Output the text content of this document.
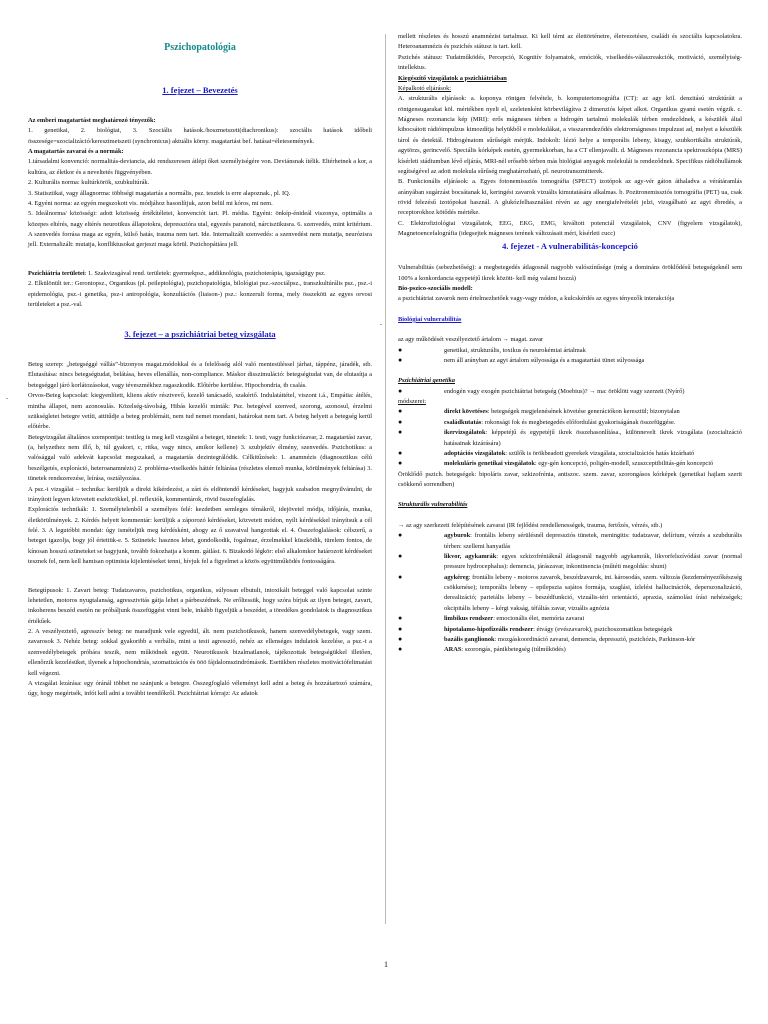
.
.

Pszichopatológia

1. fejezet – Bevezetés

Az emberi magatartást meghatározó tényezők:

1. genetikai, 2. biológiai, 3. Szociális hatások./hoszmetszeti(diachronikus): szociális hatások időbeli összesége=szocializáció/keresztmetszeti (synchronicus) aktuális körny. magatartást bef. hatásai=életesemények.

A magatartás zavarai és a normák:

1.társadalmi konvenció: normalitás-deviancia, aki rendszeresen átlépi őket személyiségére von. Deviánsnak ítélik. Eltérhetnek a kor, a kultúra, az életkor és a neveltetés függvényében.

2. Kulturális norma: kultúrkörök, szubkultúrák.

3. Statisztikai, vagy állagnorma: többségi magatartás a normális, psz. tesztek is erre alapoznak., pl. IQ.

4. Egyéni norma: az egyén megszokott vis. módjához hasonlítjuk, azon belül mi kóros, mi nem.

5. Ideálnorma/ közösségi: adott közösség értékítéletei, konvenciót tart. Pl. média. Egyéni: önkép-énideál viszonya, optimális a közepes eltérés, nagy eltérés neurotikus állapotokra, depresszióra utal, egyezés paranoid, nárcisztikusra. 6. szenvedés, mint kritérium. A szenvedés forrása maga az egyén, külső hatás, trauma nem tart. Ide. Internalizált szenvedés: a szenvedést nem mutatja, neurózisra jell. Externalizált: mutatja, konfliktusokat gerjeszt maga körül. Pszichopátiára jell.

Pszichiátria területei: 1. Szakvizsgával rend. területek: gyermekpsz., addiknológia, pszichoterápia, igazságügy psz.

2. Elkülönült ter.: Gerontopsz., Organikus (pl. peileptológia), pszichopatológia, bilológiai psz.-szociálpsz., transzkultúrális psz., psz.-i epidemológia, psz.-i genetika, psz-i antropológia, konzultációs (liaison-) psz.: konzerult forma, mely összeköti az egyes orvosi területeket a psz.-val.

3. fejezet – a pszichiátriai beteg vizsgálata

Beteg szerep: „betegséggé vállás”-bizonyos magat.módokkal és a felelősség alól való mentesüléssel járhat, táppénz, járadék, stb. Elutasítása: nincs betegségtudat, belátása, heves ellenállás, non-compliance. Máskor disszimuláció: betegségtudat van, de elutasítja a betegséggel járó korlátozásokat, vagy téveszmékhez ragaszkodik. Előtérbe kerülése. Hipochondria, tb csalás.

Orvos-Beteg kapcsolat: kiegyenlített, kliens aktív résztvevő, kezelő tanácsadó, szakértő. Indulatáttétel, viszont i.á., Empátia: átélés, mintha állapot, nem azonosulás. Közelség-távolság, Hibás kezelői minták: Psz. betegével szenved, szorong, azonosul, érzelmi szükségletet betegre vetíti, attitűdje a beteg problémáit, nem tud nemet mondani, határokat nem tart. A beteg helyett a betegség kerül előtérbe.

Betegvizsgálat általános szempontjai: testileg is meg kell vizsgálni a beteget, tünetek: 1. testi, vagy funkciózavar, 2. magatartási zavar, (a, helyzethez nem illő, b, túl gyakori, c, ritka, vagy nincs, amikor kellene) 3. szubjektív élmény, szenvedés. Pszichotikus: a valósággal való adekvát kapcsolat megszakad, a magatartás dezintegrálódik. Célkitűzések: 1. anamnézis (diagnosztikus célú beszélgetés, exploráció, heteroanamnézis) 2. probléma-viselkedés háttér feltárása (részletes elemző munka, körülmények feltárása) 3. tünetek rendszerezése, leírása, osztályozása.

A psz.-i vizsgálat – technika: kerüljük a direkt kikérdezést, a zárt és eldöntendő kérdéseket, hagyjuk szabadon megnyilvánulni, de irányított legyen közvetett eszközökkel, pl. reflexiók, kommentárok, rövid összefoglalás.

Explorációs technikák: 1. Személytelenből a személyes felé: kezdetben semleges témákról, idejövetel módja, időjárás, munka, életkörülmények. 2. Kérdés helyett kommentár: kerüljük a záporozó kérdéseket, közvetett módon, nyílt kérdésekkel irányítsuk a cél felé. 3. A legutóbbi mondat: úgy ismételjük meg kérdésként, ahogy az ő szavaival hangzottak el. 4. Összefoglalások: célszerű, a beteget igazolja, bogy jól értettük-e. 5. Szünetek: hasznos lehet, gondolkodik, fogalmaz, érzelmekkel küszködik, türelem fontos, de kínosan hosszú szüneteket se hagyjunk, tovább fokozhatja a komm. gátlást. 6. Bizakodó légkör: első alkalomkor határozott kérdéseket tesznek fel, nem kell hamisan optimista kijelentéseket tenni, hívjuk fel a figyelmet a közös együttműködés fontosságára.

Betegtípusok: 1. Zavart beteg: Tudatzavaros, pszichotikus, organikus, súlyosan elbutult, intoxikált beteggel való kapcsolat szinte lehetetlen, motoros nyugtalanság, agresszivitás gátja lehet a párbeszédnek. Ne erőltessük, hogy szóra bírjuk az ilyen beteget, zavart, inkoherens beszéd esetén ne próbáljunk összefüggést vinni bele, inkább figyeljük a beszédet, a töredékes gondolatok is diagnosztikus értékűek.

2. A veszélyeztető, agresszív beteg: ne maradjunk vele egyedül, ált. nem pszichotikusok, hanem szenvedélybetegek, vagy szem. zavarosok 3. Nehéz beteg: sokkal gyakoribb a verbális, mint a testi agresszió, nehéz az ellenséges indulatok kezelése, a psz.-t a szenvedélybetegek próbára teszik, nem működnek együtt. Neurotikusok bizalmatlanok, tájékozottak betegségükkel illetően, ellenőrzik kezelésüket, ilyenek a hipochondriás, szomatizációs és ööö fájdalomszindrómások. Esetükben részletes motivációfeltmatást kell végezni.

A vizsgálat lezárása: egy óránál többet ne szánjunk a betegre. Összegfoglaló véleményt kell adni a beteg és hozzátartozó számára, úgy, hogy megértsék, infót kell adni a további teendőkről. Pszichiátriai kórrajz: Az adatok

mellett részletes és hosszú anamnézist tartalmaz. Ki kell térni az élettörténetre, életvezetésre, családi és szociális kapcsolatokra. Heteroanamnézis és pszichés státusz is tart. kell.

Pszichés státusz: Tudatműködés, Percepció, Kognitív folyamatok, emóciók, viselkedés-válaszreakciók, motiváció, személyiség-intellektus.

Kiegészítő vizsgálatok a pszichiátriában

Képalkotó eljárások:

A. strukturális eljárások: a. koponya röntgen felvétele, b. komputertomográfia (CT): az agy köl. denzitású struktúráit a röntgensugarakat köl. mértékben nyeli el, szeletenként körbevilágítva 2 dimenziós képet alkot. Organikus gyanú esetén végzik. c. Mágneses rezonancia kép (MRI): erős mágneses térben a hidrogén tartalmú molekulák térben rendeződnek, a készülék által kibocsátott rádióimpulzus kimozdítja helyükből e molekulákat, a visszarendeződés elektromágneses impulzust ad, melyet a készülék tárol és detektál. Hidrogénatom sűrűségét mérjük. Indokolt: lézió helye a temporális lebeny, kisagy, szubkortikális struktúrák, agytörzs, gerincvelő. Speciális kórképek esetén, gyermekkorban, ha a CT ellenjavallt. d. Mágneses rezonancia spektroszkópia (MRS) kísérleti stádiumban lévő eljárás, MRI-nél erősebb térben más biológiai anyagok molekulái is rendeződnek. Specifikus rádióhullámok segítségével az adott molekula sűrűség meghatározható, pl. neurotranszmitterek.

B. Funkcionális eljárások: a. Egyes fotonemissziós tomográfia (SPECT) izotópok az agy-vér gáton áthaladva a vérátáramlás arányában sugárzást bocsátanak ki, keringési zavarok vizuális kimutatására alkalmas. b. Pozitronemissziós tomográfia (PET) ua, csak rövid felezésű izotópokat használ. A glukózfelhasználást révén az agy energiafelvételét jelzi, vizsgálható az agyi ébredés, a receptorokhoz kötődés mértéke.

C. Elektrofiziológiai vizsgálatok, EEG, EKG, EMG, kiváltott potenciál vizsgálatok, CNV (figyelem vizsgálatok), Magnetoencefalográfia (idegsejtek mágneses terének változásait méri, kísérleti cucc)

4. fejezet - A vulnerabilitás-koncepció

Vulnerabilitás (sebezhetőség): a megbetegedés átlagosnál nagyobb valószínűsége (még a domináns öröklődésű betegségeknél sem 100% a konkordancia egypetéjű ikrek között- kell még valami hozzá)

Bio-pszico-szociális modell:

a pszichiátriai zavarok nem értelmezhetőek vagy-vagy módon, a kulcskérdés az egyes tényezők interakciója

Biológiai vulnerabilitás

az agy működését veszélyeztető ártalom → magat. zavar

●	genetikai, strukturális, toxikus és neurokémiai ártalmak
●	nem áll arányban az agyi ártalom súlyossága és a magatartási tünet súlyossága

Pszichiátriai genetika

●	endogén vagy exogén pszichiátriai betegség (Moebius)? → ma: öröklött vagy szerzett (Nyírő)

módszerei:

●	direkt követéses: betegségek megjelenésének követése generációkon keresztül; bizonytalan
●	családkutatás: rokonsági fok és megbetegedés előfordulási gyakoriságának összefüggése.
●	ikervizsgálatok: képpetéjű és egypetéjű ikrek összehasonlítása., különnevelt ikrek vizsgálata (szocializáció hatásainak kizárására)
●	adoptációs vizsgálatok: szülők is örökbeadott gyerekek vizsgálata, szocializációs hatás kizárható
●	molekuláris genetikai vizsgálatok: egy-gén koncepció, poligén-modell, szuszceptibilitás-gén koncepció

Öröklődő pszich. betegségek: bipoláris zavar, szkizofrénia, antiszoc. szem. zavar, szorongásos kórképek (genetikai hajlam szerit csökkenő sorrendben)

Strukturális vulnerabilitás

→ az agy szerkezeti felépítésének zavarai (IR fejlődési rendellenességek, trauma, fertőzés, vérzés, stb.)

●	agyburok: frontális lebeny sérülésnél depressziós tünetek, meningitis: tudatzavar, delírium, vérzés a szubdurális térben: szellemi hanyatlás
●	likvor, agykamrák: egyes szkizofréniáknál átlagosnál nagyobb agykamrák, likvorfelszívódási zavar (normal pressure hydrocephalus): demencia, járászavar, inkontinencia (műtéti megoldás: shunt)
●	agykéreg: frontális lebeny - motoros zavarok, beszédzavarok, int. károsodás, szem. változás (kezdeményezőkészség csökkenése); temporális lebeny – epilepszia sajátos formája, szaglási, ízlelési hallucinációk, deperszonalizáció, derealizáció; parietális lebeny – beszédfunkció, vizuális-téri orientáció, apraxia, számolási írási nehézségek; okcipitális lebeny – kérgi vakság, téfáltás zavar, vizuális agnózia
●	limbikus rendszer: emocionális élet, memória zavarai
●	hipotalamo-hipofízeális rendszer: étvágy (evészavarok), pszichoszomatikus betegségek
●	bazális ganglionok: mozgáskoordináció zavarai, demencia, depresszió, pszichózis, Parkinson-kór
●	ARAS: szorongás, pánikbetegség (túlműködés)
1
